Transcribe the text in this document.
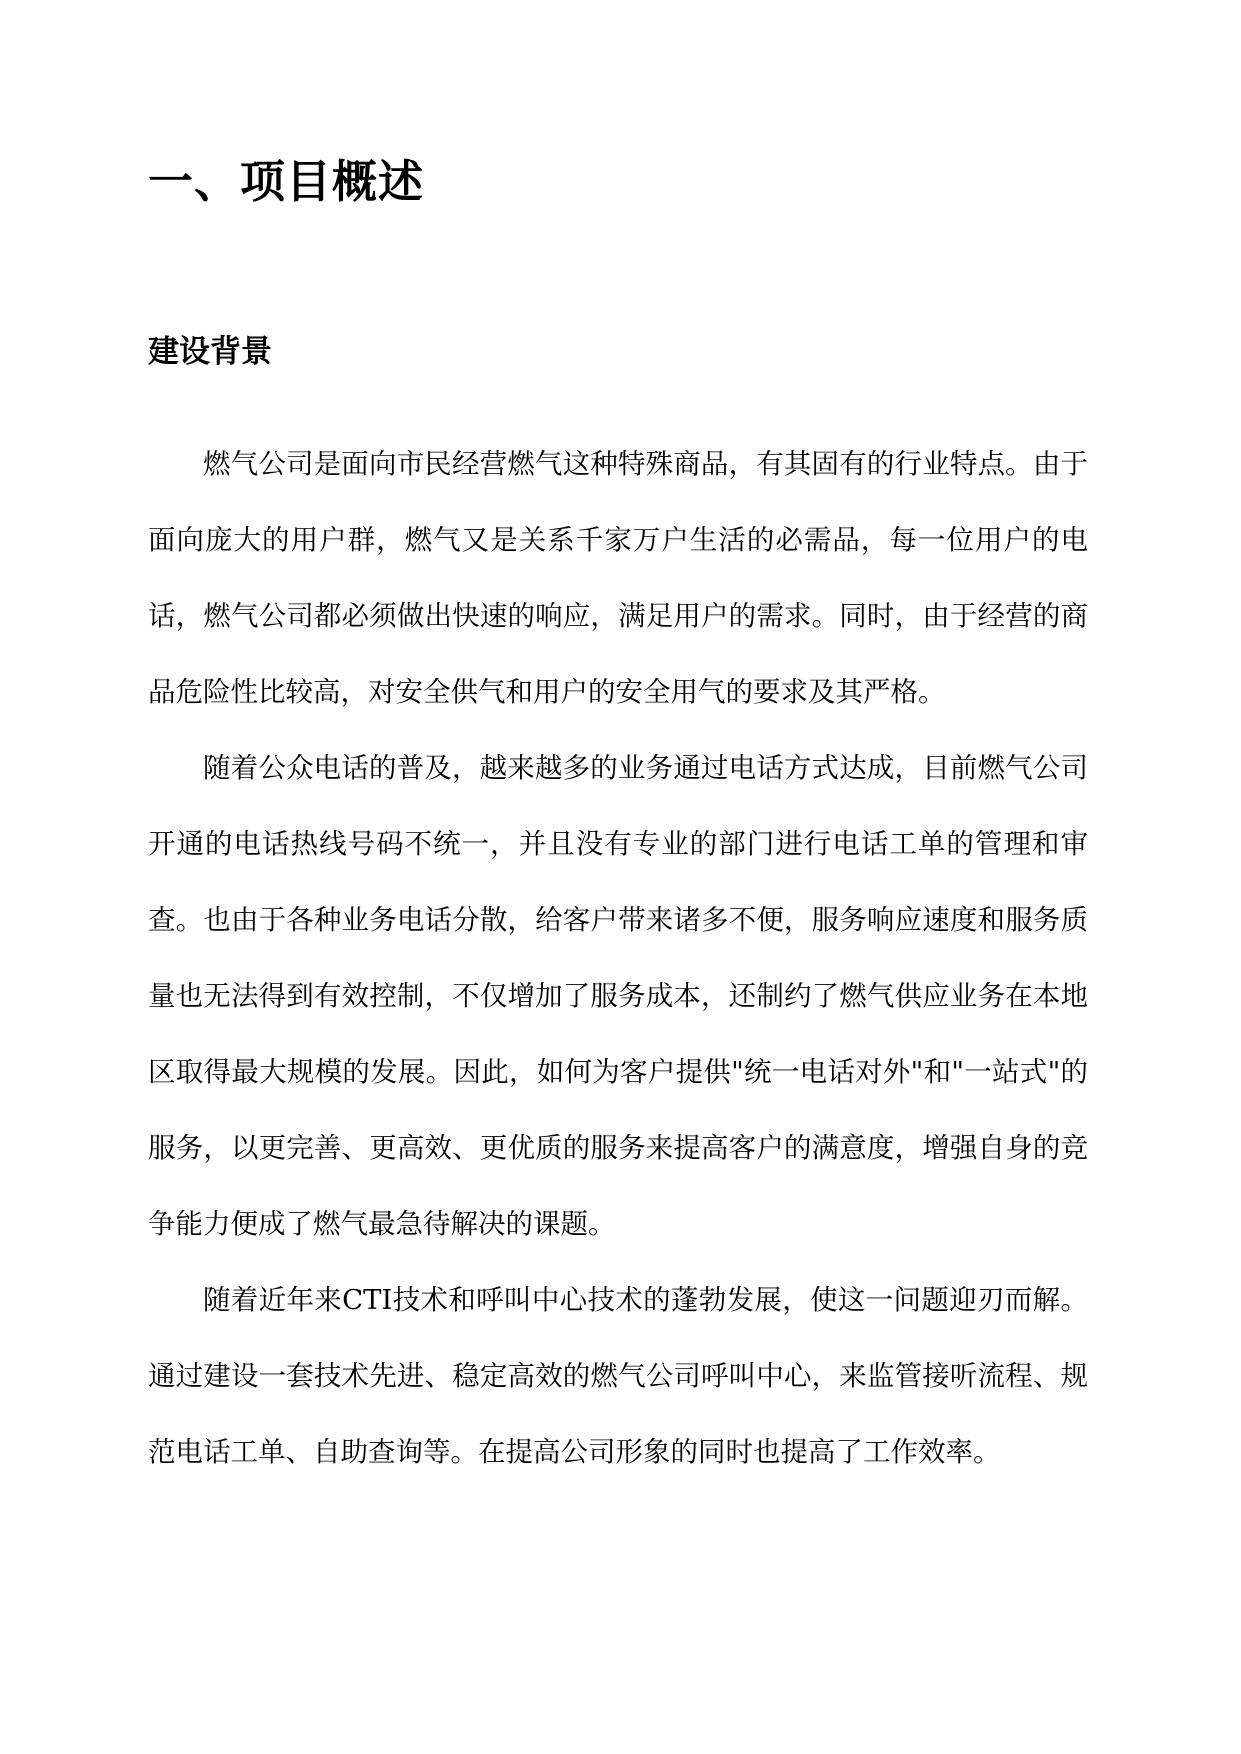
一、项目概述
建设背景

燃气公司是面向市民经营燃气这种特殊商品，有其固有的行业特点。由于面向庞大的用户群，燃气又是关系千家万户生活的必需品，每一位用户的电话，燃气公司都必须做出快速的响应，满足用户的需求。同时，由于经营的商品危险性比较高，对安全供气和用户的安全用气的要求及其严格。

随着公众电话的普及，越来越多的业务通过电话方式达成，目前燃气公司开通的电话热线号码不统一，并且没有专业的部门进行电话工单的管理和审查。也由于各种业务电话分散，给客户带来诸多不便，服务响应速度和服务质量也无法得到有效控制，不仅增加了服务成本，还制约了燃气供应业务在本地区取得最大规模的发展。因此，如何为客户提供"统一电话对外"和"一站式"的服务，以更完善、更高效、更优质的服务来提高客户的满意度，增强自身的竞争能力便成了燃气最急待解决的课题。

随着近年来CTI技术和呼叫中心技术的蓬勃发展，使这一问题迎刃而解。通过建设一套技术先进、稳定高效的燃气公司呼叫中心，来监管接听流程、规范电话工单、自助查询等。在提高公司形象的同时也提高了工作效率。
